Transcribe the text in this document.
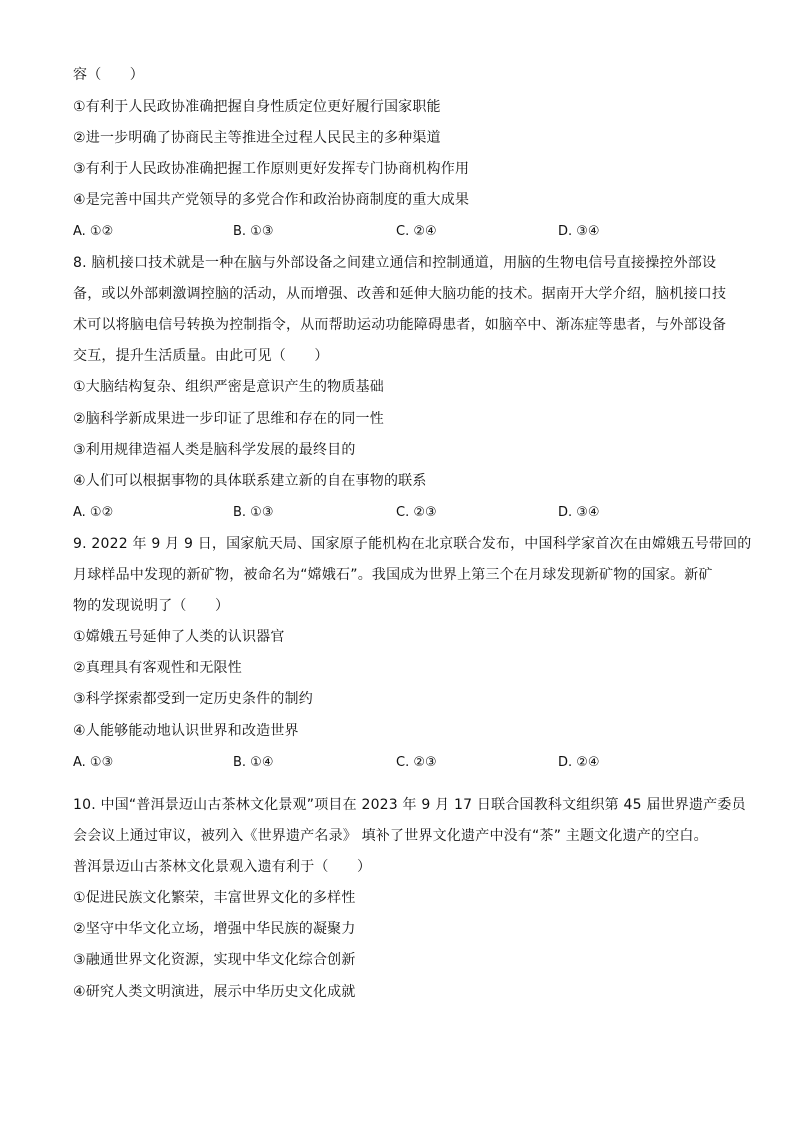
容（　　）
①有利于人民政协准确把握自身性质定位更好履行国家职能
②进一步明确了协商民主等推进全过程人民民主的多种渠道
③有利于人民政协准确把握工作原则更好发挥专门协商机构作用
④是完善中国共产党领导的多党合作和政治协商制度的重大成果
A. ①②	B. ①③	C. ②④	D. ③④
8. 脑机接口技术就是一种在脑与外部设备之间建立通信和控制通道，用脑的生物电信号直接操控外部设
备，或以外部刺激调控脑的活动，从而增强、改善和延伸大脑功能的技术。据南开大学介绍，脑机接口技
术可以将脑电信号转换为控制指令，从而帮助运动功能障碍患者，如脑卒中、渐冻症等患者，与外部设备
交互，提升生活质量。由此可见（　　）
①大脑结构复杂、组织严密是意识产生的物质基础
②脑科学新成果进一步印证了思维和存在的同一性
③利用规律造福人类是脑科学发展的最终目的
④人们可以根据事物的具体联系建立新的自在事物的联系
A. ①②	B. ①③	C. ②③	D. ③④
9. 2022 年 9 月 9 日，国家航天局、国家原子能机构在北京联合发布，中国科学家首次在由嫦娥五号带回的
月球样品中发现的新矿物，被命名为“嫦娥石”。我国成为世界上第三个在月球发现新矿物的国家。新矿
物的发现说明了（　　）
①嫦娥五号延伸了人类的认识器官
②真理具有客观性和无限性
③科学探索都受到一定历史条件的制约
④人能够能动地认识世界和改造世界
A. ①③	B. ①④	C. ②③	D. ②④
10. 中国“普洱景迈山古茶林文化景观”项目在 2023 年 9 月 17 日联合国教科文组织第 45 届世界遗产委员
会会议上通过审议，被列入《世界遗产名录》 填补了世界文化遗产中没有“茶” 主题文化遗产的空白。
普洱景迈山古茶林文化景观入遗有利于（　　）
①促进民族文化繁荣，丰富世界文化的多样性
②坚守中华文化立场，增强中华民族的凝聚力
③融通世界文化资源，实现中华文化综合创新
④研究人类文明演进，展示中华历史文化成就
